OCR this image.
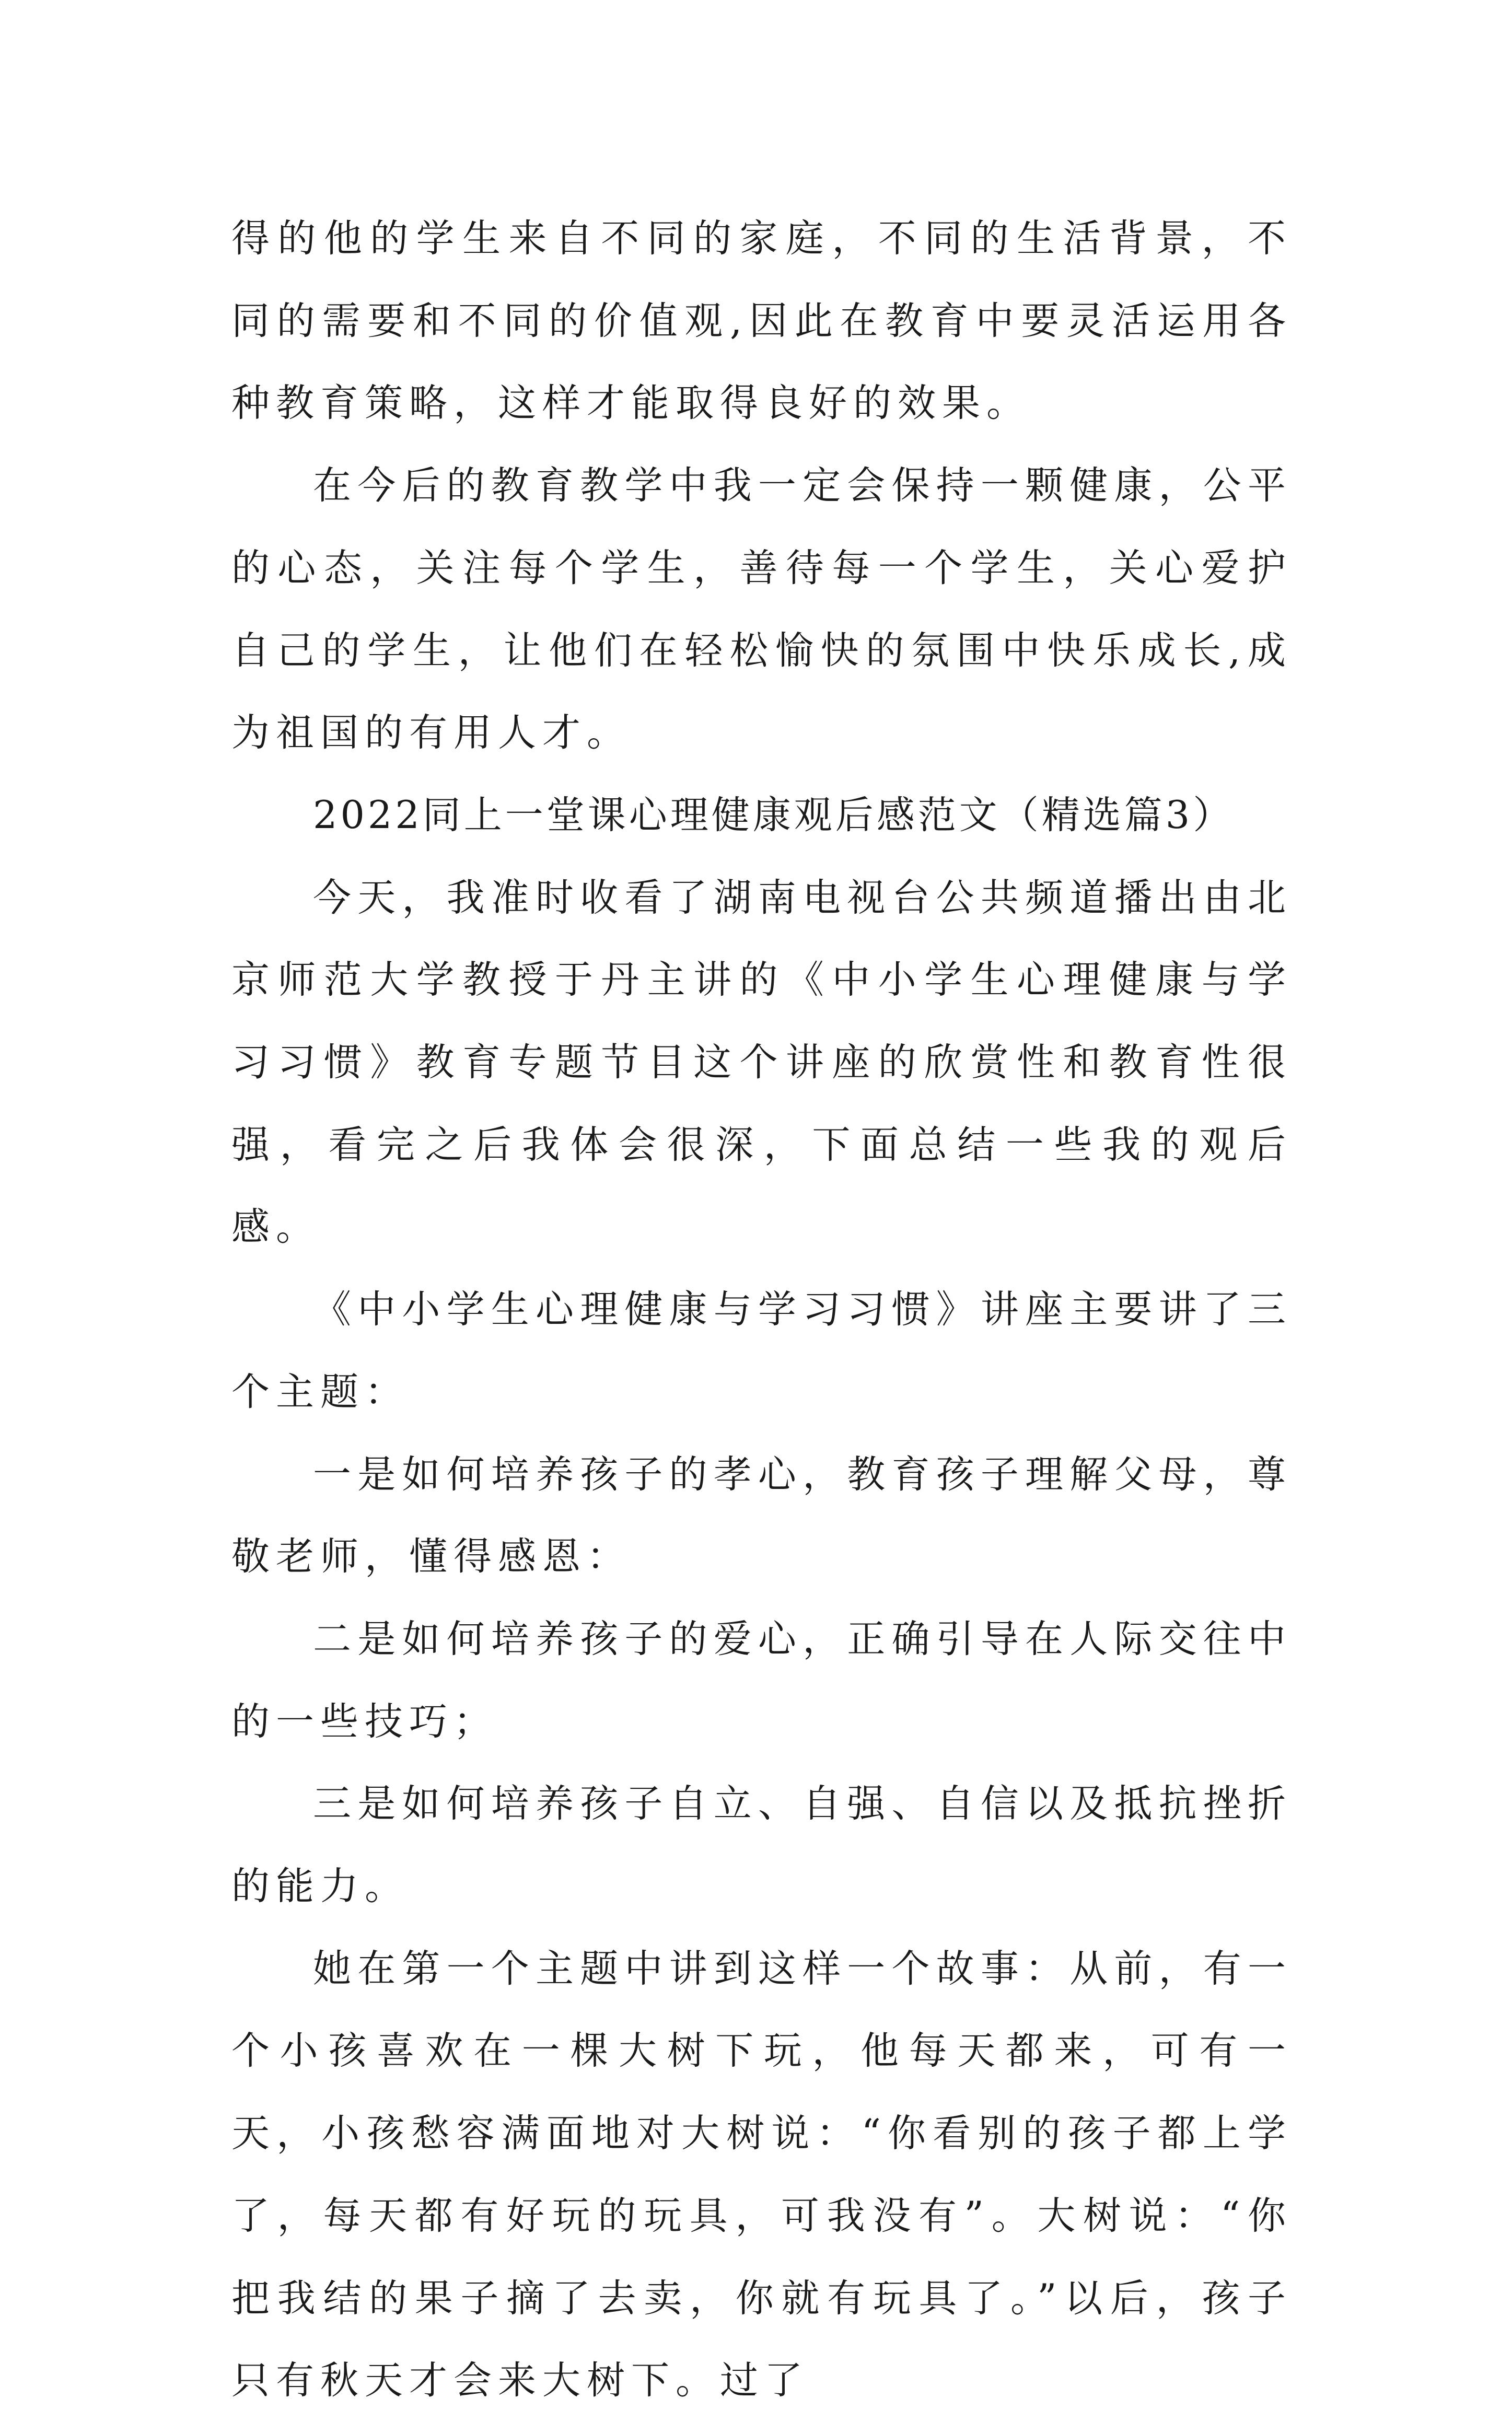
得的他的学生来自不同的家庭，不同的生活背景，不同的需要和不同的价值观,因此在教育中要灵活运用各种教育策略，这样才能取得良好的效果。

在今后的教育教学中我一定会保持一颗健康，公平的心态，关注每个学生，善待每一个学生，关心爱护自己的学生，让他们在轻松愉快的氛围中快乐成长,成为祖国的有用人才。

2022同上一堂课心理健康观后感范文（精选篇3）

今天，我准时收看了湖南电视台公共频道播出由北京师范大学教授于丹主讲的《中小学生心理健康与学习习惯》教育专题节目这个讲座的欣赏性和教育性很强，看完之后我体会很深，下面总结一些我的观后感。

《中小学生心理健康与学习习惯》讲座主要讲了三个主题：

一是如何培养孩子的孝心，教育孩子理解父母，尊敬老师，懂得感恩：

二是如何培养孩子的爱心，正确引导在人际交往中的一些技巧；

三是如何培养孩子自立、自强、自信以及抵抗挫折的能力。

她在第一个主题中讲到这样一个故事：从前，有一个小孩喜欢在一棵大树下玩，他每天都来，可有一天，小孩愁容满面地对大树说：“你看别的孩子都上学了，每天都有好玩的玩具，可我没有”。大树说：“你把我结的果子摘了去卖，你就有玩具了。”以后，孩子只有秋天才会来大树下。过了
